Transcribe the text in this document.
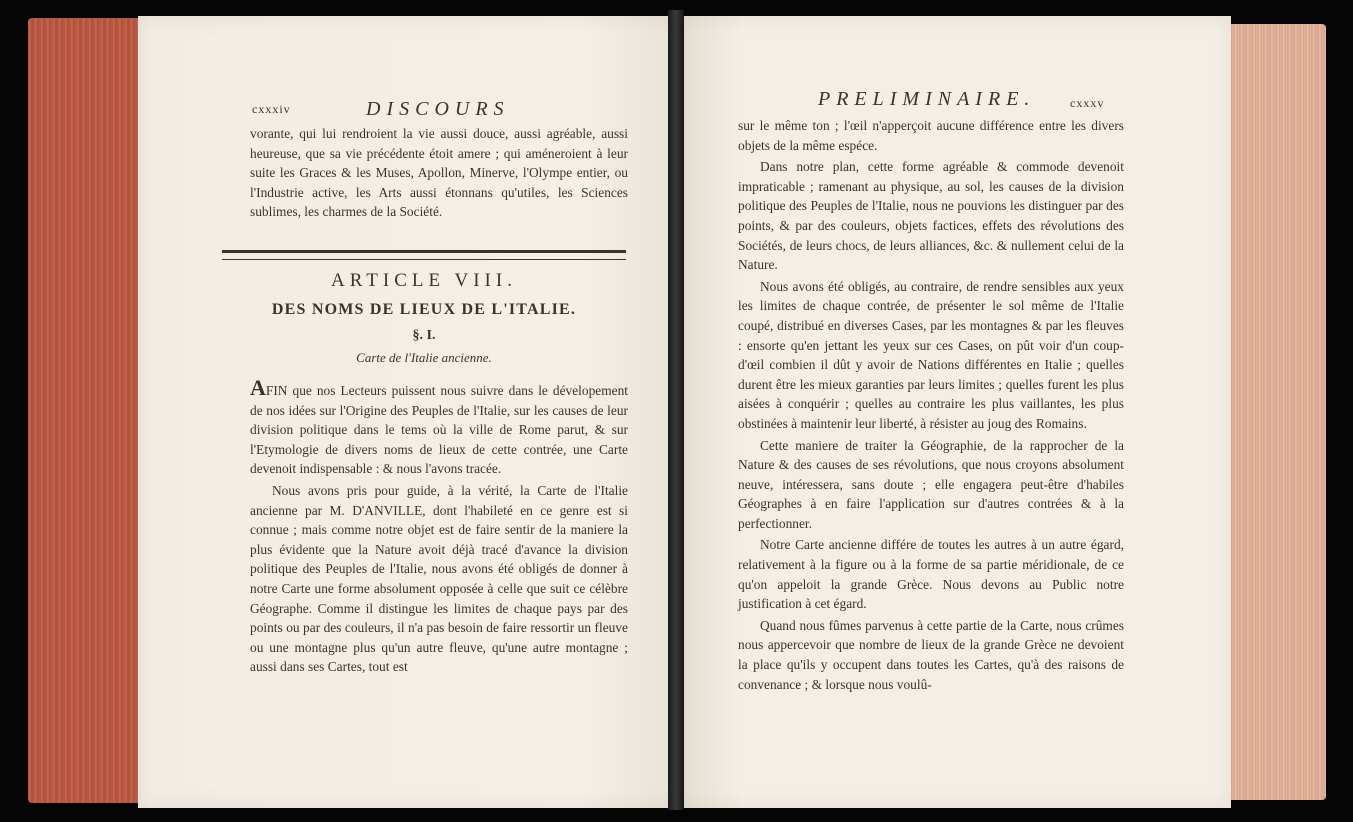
cxxxiv	DISCOURS

vorante, qui lui rendroient la vie aussi douce, aussi agréable, aussi heureuse, que sa vie précédente étoit amere ; qui améneroient à leur suite les Graces & les Muses, Apollon, Minerve, l'Olympe entier, ou l'Industrie active, les Arts aussi étonnans qu'utiles, les Sciences sublimes, les charmes de la Société.

ARTICLE VIII.
DES NOMS DE LIEUX DE L'ITALIE.
§. I.
Carte de l'Italie ancienne.

AFIN que nos Lecteurs puissent nous suivre dans le dévelopement de nos idées sur l'Origine des Peuples de l'Italie, sur les causes de leur division politique dans le tems où la ville de Rome parut, & sur l'Etymologie de divers noms de lieux de cette contrée, une Carte devenoit indispensable : & nous l'avons tracée.

Nous avons pris pour guide, à la vérité, la Carte de l'Italie ancienne par M. D'ANVILLE, dont l'habileté en ce genre est si connue ; mais comme notre objet est de faire sentir de la maniere la plus évidente que la Nature avoit déjà tracé d'avance la division politique des Peuples de l'Italie, nous avons été obligés de donner à notre Carte une forme absolument opposée à celle que suit ce célèbre Géographe. Comme il distingue les limites de chaque pays par des points ou par des couleurs, il n'a pas besoin de faire ressortir un fleuve ou une montagne plus qu'un autre fleuve, qu'une autre montagne ; aussi dans ses Cartes, tout est

PRELIMINAIRE.	cxxxv

sur le même ton ; l'œil n'apperçoit aucune différence entre les divers objets de la même espéce.

Dans notre plan, cette forme agréable & commode devenoit impraticable ; ramenant au physique, au sol, les causes de la division politique des Peuples de l'Italie, nous ne pouvions les distinguer par des points, & par des couleurs, objets factices, effets des révolutions des Sociétés, de leurs chocs, de leurs alliances, &c. & nullement celui de la Nature.

Nous avons été obligés, au contraire, de rendre sensibles aux yeux les limites de chaque contrée, de présenter le sol même de l'Italie coupé, distribué en diverses Cases, par les montagnes & par les fleuves : ensorte qu'en jettant les yeux sur ces Cases, on pût voir d'un coup-d'œil combien il dût y avoir de Nations différentes en Italie ; quelles durent être les mieux garanties par leurs limites ; quelles furent les plus aisées à conquérir ; quelles au contraire les plus vaillantes, les plus obstinées à maintenir leur liberté, à résister au joug des Romains.

Cette maniere de traiter la Géographie, de la rapprocher de la Nature & des causes de ses révolutions, que nous croyons absolument neuve, intéressera, sans doute ; elle engagera peut-être d'habiles Géographes à en faire l'application sur d'autres contrées & à la perfectionner.

Notre Carte ancienne différe de toutes les autres à un autre égard, relativement à la figure ou à la forme de sa partie méridionale, de ce qu'on appeloit la grande Grèce. Nous devons au Public notre justification à cet égard.

Quand nous fûmes parvenus à cette partie de la Carte, nous crûmes nous appercevoir que nombre de lieux de la grande Grèce ne devoient la place qu'ils y occupent dans toutes les Cartes, qu'à des raisons de convenance ; & lorsque nous voulû-
